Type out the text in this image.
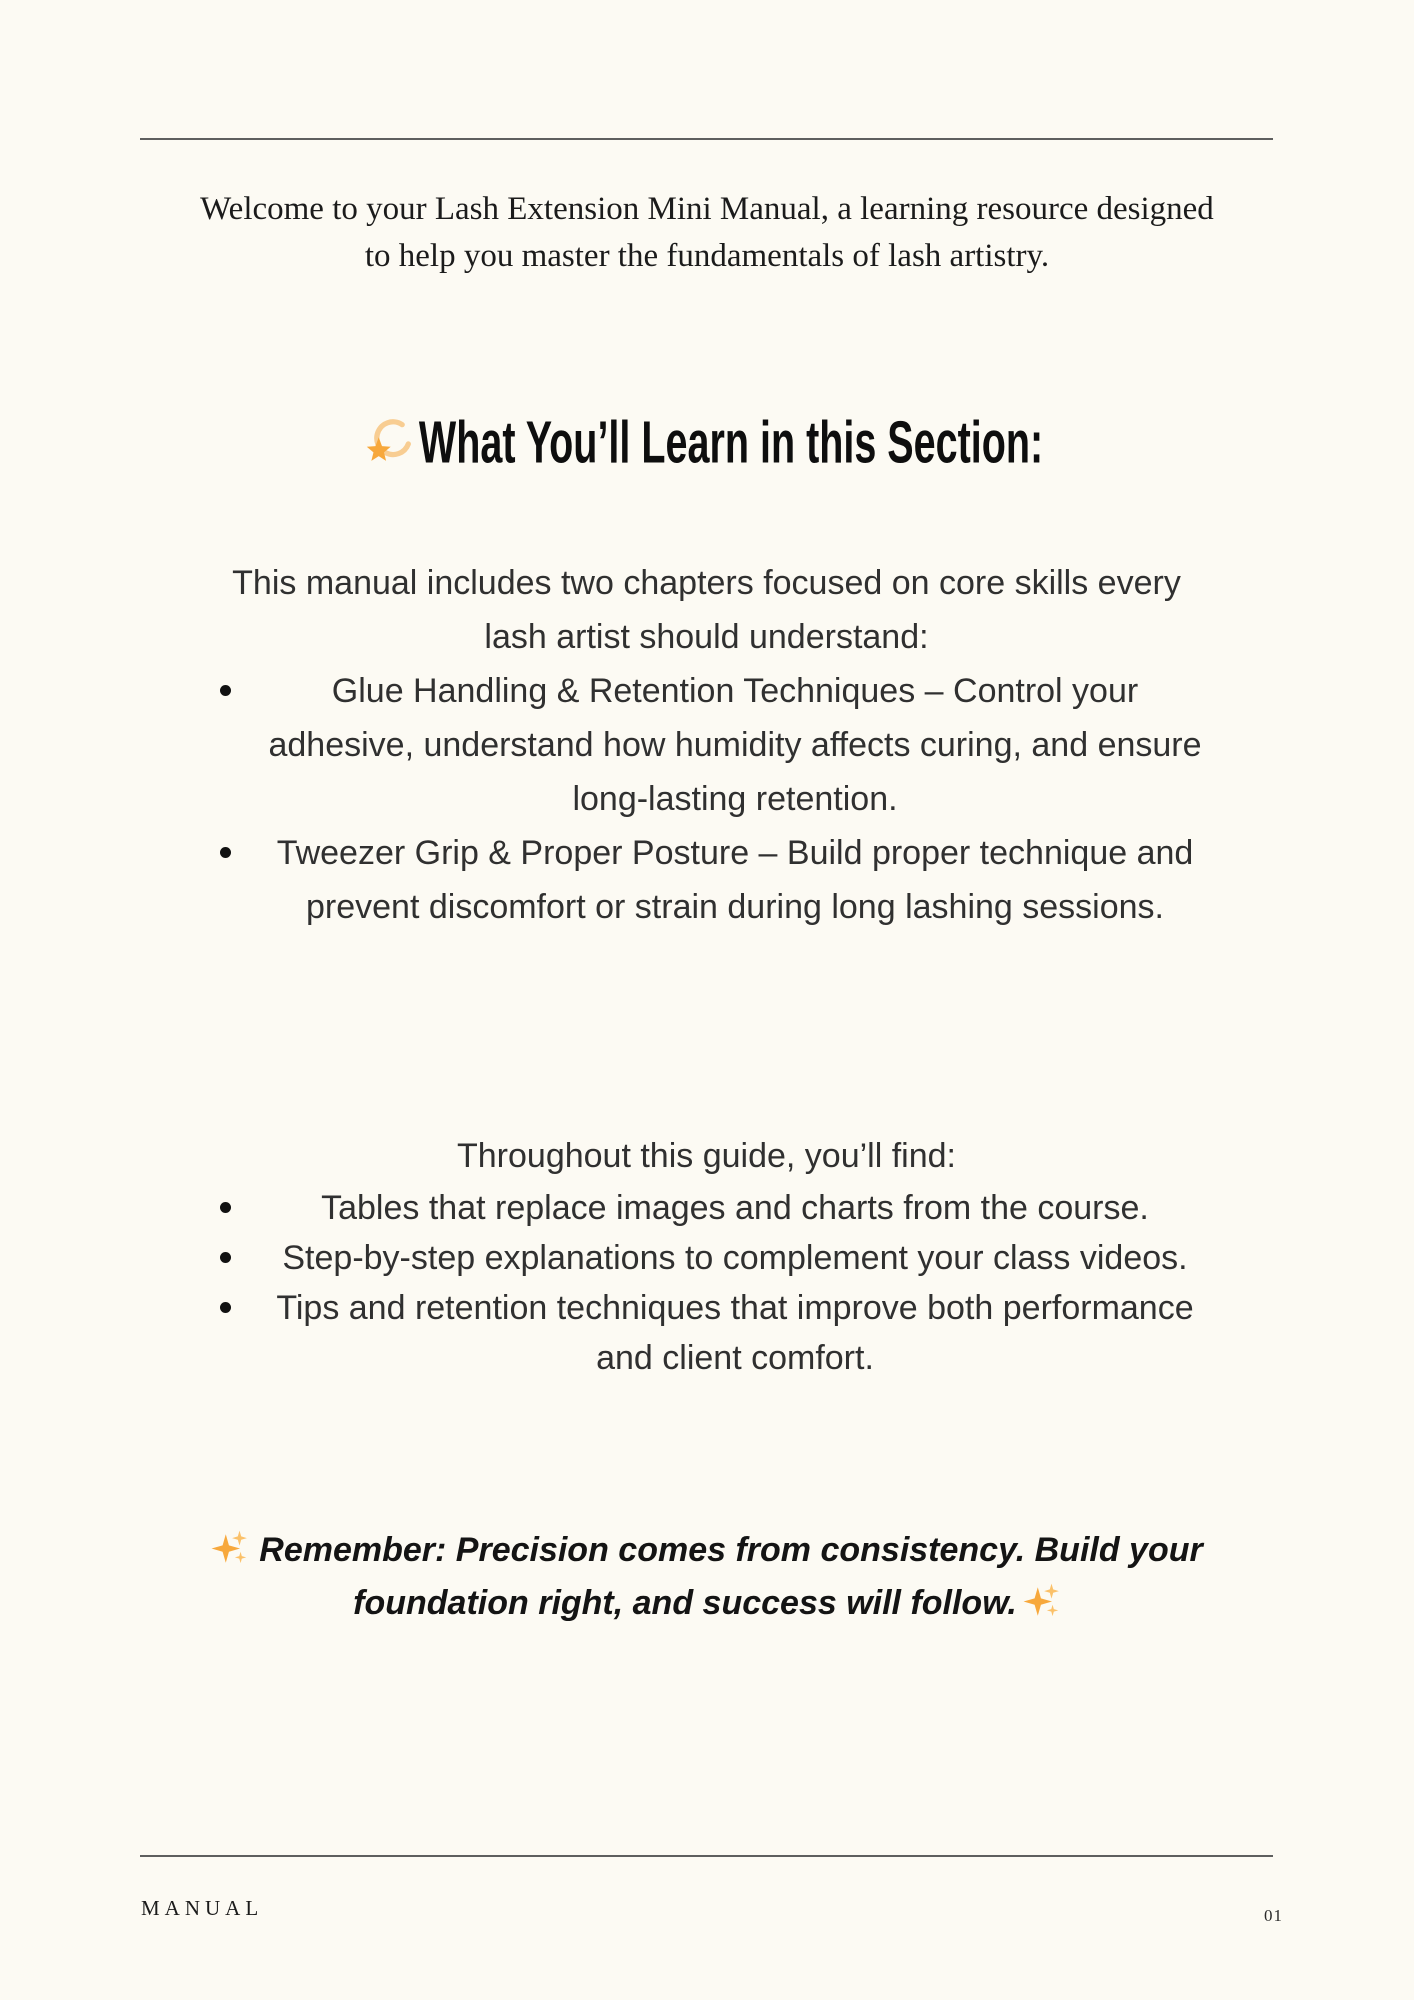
Welcome to your Lash Extension Mini Manual, a learning resource designed to help you master the fundamentals of lash artistry.

What You’ll Learn in this Section:

This manual includes two chapters focused on core skills every lash artist should understand:

Glue Handling & Retention Techniques – Control your adhesive, understand how humidity affects curing, and ensure long-lasting retention.
Tweezer Grip & Proper Posture – Build proper technique and prevent discomfort or strain during long lashing sessions.

Throughout this guide, you’ll find:

Tables that replace images and charts from the course.
Step-by-step explanations to complement your class videos.
Tips and retention techniques that improve both performance and client comfort.

Remember: Precision comes from consistency. Build your foundation right, and success will follow.

MANUAL	01
